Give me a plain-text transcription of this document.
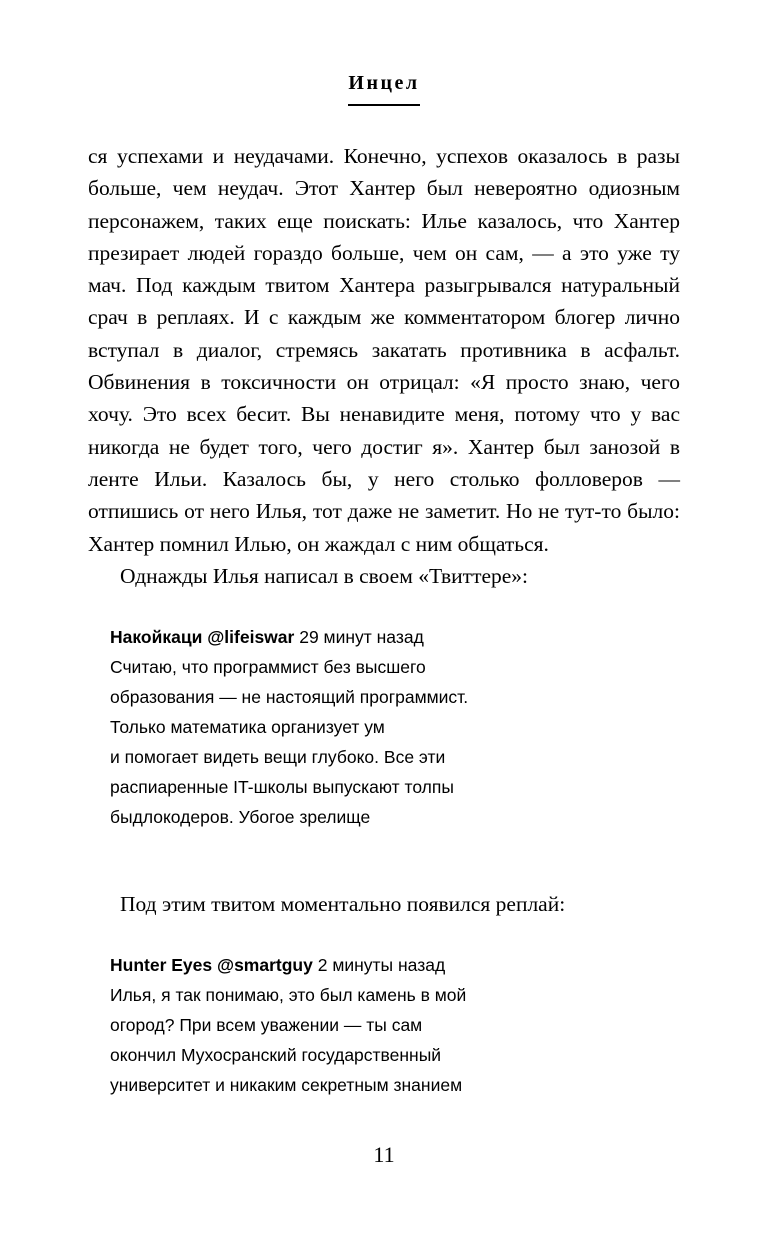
Инцел

ся успехами и неудачами. Конечно, успехов оказалось в разы больше, чем неудач. Этот Хантер был невероятно одиозным персонажем, таких еще поискать: Илье казалось, что Хантер презирает людей гораздо больше, чем он сам, — а это уже ту мач. Под каждым твитом Хантера разыгрывался натуральный срач в реплаях. И с каждым же комментатором блогер лично вступал в диалог, стремясь закатать противника в асфальт. Обвинения в токсичности он отрицал: «Я просто знаю, чего хочу. Это всех бесит. Вы ненавидите меня, потому что у вас никогда не будет того, чего достиг я». Хантер был занозой в ленте Ильи. Казалось бы, у него столько фолловеров — отпишись от него Илья, тот даже не заметит. Но не тут-то было: Хантер помнил Илью, он жаждал с ним общаться.

Однажды Илья написал в своем «Твиттере»:

Накойкаци @lifeiswar 29 минут назад
Считаю, что программист без высшего
образования — не настоящий программист.
Только математика организует ум
и помогает видеть вещи глубоко. Все эти
распиаренные IT-школы выпускают толпы
быдлокодеров. Убогое зрелище

Под этим твитом моментально появился реплай:

Hunter Eyes @smartguy 2 минуты назад
Илья, я так понимаю, это был камень в мой
огород? При всем уважении — ты сам
окончил Мухосранский государственный
университет и никаким секретным знанием
11
